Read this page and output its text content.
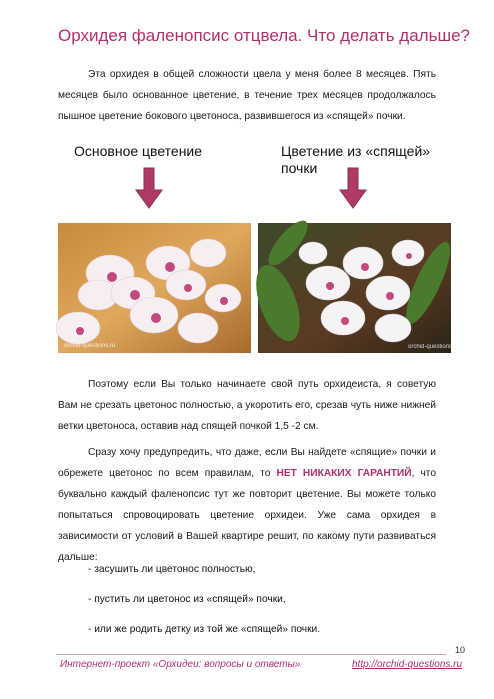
Орхидея фаленопсис отцвела. Что делать дальше?

Эта орхидея в общей сложности цвела у меня более 8 месяцев. Пять месяцев было основанное цветение, в течение трех месяцев продолжалось пышное цветение бокового цветоноса, развившегося из «спящей» почки.

Основное цветение	Цветение из «спящей»
почки
orchid-questions.ru	orchid-questions.ru

Поэтому если Вы только начинаете свой путь орхидеиста, я советую Вам не срезать цветонос полностью, а укоротить его, срезав чуть ниже нижней ветки цветоноса, оставив над спящей почкой 1,5 -2 см.

Сразу хочу предупредить, что даже, если Вы найдете «спящие» почки и обрежете цветонос по всем правилам, то НЕТ НИКАКИХ ГАРАНТИЙ, что буквально каждый фаленопсис тут же повторит цветение. Вы можете только попытаться спровоцировать цветение орхидеи. Уже сама орхидея в зависимости от условий в Вашей квартире решит, по какому пути развиваться дальше:

- засушить ли цветонос полностью,
- пустить ли цветонос из «спящей» почки,
- или же родить детку из той же «спящей» почки.
10
Интернет-проект «Орхидеи: вопросы и ответы»	http://orchid-questions.ru
